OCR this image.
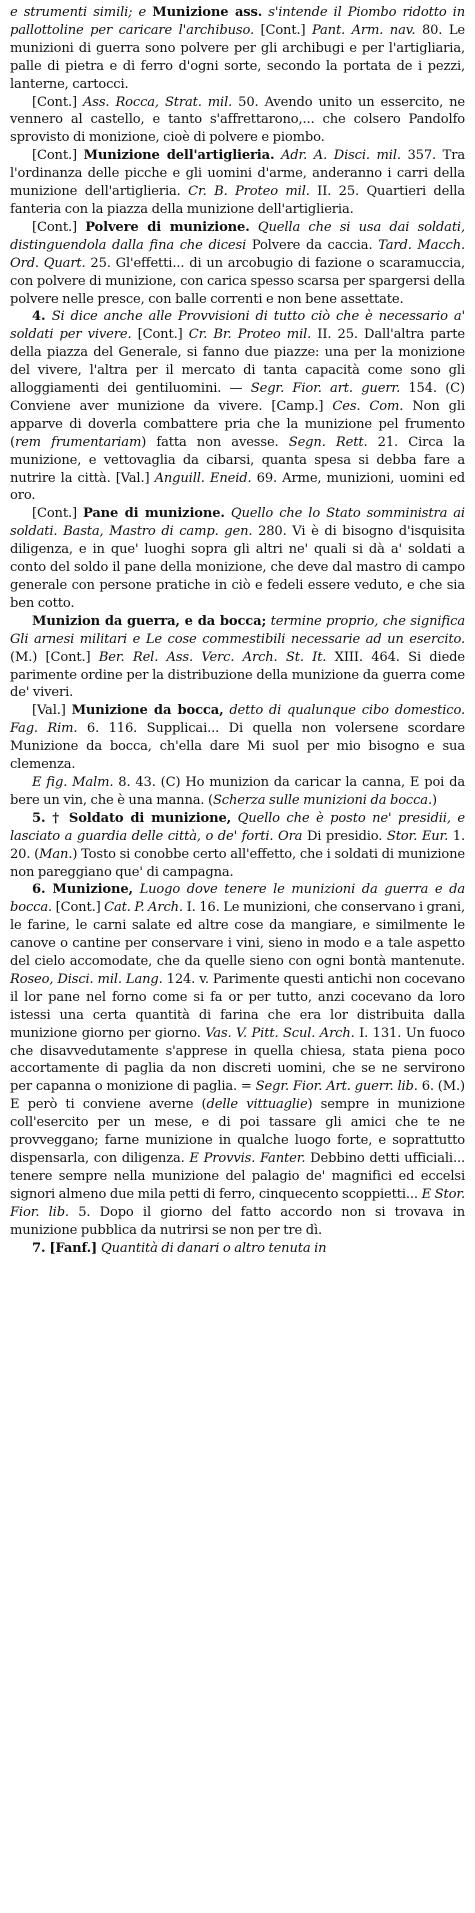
e strumenti simili; e Munizione ass. s'intende il Piombo ridotto in pallottoline per caricare l'archibuso. [Cont.] Pant. Arm. nav. 80. Le munizioni di guerra sono polvere per gli archibugi e per l'artigliaria, palle di pietra e di ferro d'ogni sorte, secondo la portata de i pezzi, lanterne, cartocci.

[Cont.] Ass. Rocca, Strat. mil. 50. Avendo unito un essercito, ne vennero al castello, e tanto s'affrettarono,... che colsero Pandolfo sprovisto di monizione, cioè di polvere e piombo.

[Cont.] Munizione dell'artiglieria. Adr. A. Disci. mil. 357. Tra l'ordinanza delle picche e gli uomini d'arme, anderanno i carri della munizione dell'artiglieria. Cr. B. Proteo mil. II. 25. Quartieri della fanteria con la piazza della munizione dell'artiglieria.

[Cont.] Polvere di munizione. Quella che si usa dai soldati, distinguendola dalla fina che dicesi Polvere da caccia. Tard. Macch. Ord. Quart. 25. Gl'effetti... di un arcobugio di fazione o scaramuccia, con polvere di munizione, con carica spesso scarsa per spargersi della polvere nelle presce, con balle correnti e non bene assettate.

4. Si dice anche alle Provvisioni di tutto ciò che è necessario a' soldati per vivere. [Cont.] Cr. Br. Proteo mil. II. 25. Dall'altra parte della piazza del Generale, si fanno due piazze: una per la monizione del vivere, l'altra per il mercato di tanta capacità come sono gli alloggiamenti dei gentiluomini. — Segr. Fior. art. guerr. 154. (C) Conviene aver munizione da vivere. [Camp.] Ces. Com. Non gli apparve di doverla combattere pria che la munizione pel frumento (rem frumentariam) fatta non avesse. Segn. Rett. 21. Circa la munizione, e vettovaglia da cibarsi, quanta spesa si debba fare a nutrire la città. [Val.] Anguill. Eneid. 69. Arme, munizioni, uomini ed oro.

[Cont.] Pane di munizione. Quello che lo Stato somministra ai soldati. Basta, Mastro di camp. gen. 280. Vi è di bisogno d'isquisita diligenza, e in que' luoghi sopra gli altri ne' quali si dà a' soldati a conto del soldo il pane della monizione, che deve dal mastro di campo generale con persone pratiche in ciò e fedeli essere veduto, e che sia ben cotto.

Munizion da guerra, e da bocca; termine proprio, che significa Gli arnesi militari e Le cose commestibili necessarie ad un esercito. (M.) [Cont.] Ber. Rel. Ass. Verc. Arch. St. It. XIII. 464. Si diede parimente ordine per la distribuzione della munizione da guerra come de' viveri.

[Val.] Munizione da bocca, detto di qualunque cibo domestico. Fag. Rim. 6. 116. Supplicai... Di quella non volersene scordare Munizione da bocca, ch'ella dare Mi suol per mio bisogno e sua clemenza.

E fig. Malm. 8. 43. (C) Ho munizion da caricar la canna, E poi da bere un vin, che è una manna. (Scherza sulle munizioni da bocca.)

5. † Soldato di munizione, Quello che è posto ne' presidii, e lasciato a guardia delle città, o de' forti. Ora Di presidio. Stor. Eur. 1. 20. (Man.) Tosto si conobbe certo all'effetto, che i soldati di munizione non pareggiano que' di campagna.

6. Munizione, Luogo dove tenere le munizioni da guerra e da bocca. [Cont.] Cat. P. Arch. I. 16. Le munizioni, che conservano i grani, le farine, le carni salate ed altre cose da mangiare, e similmente le canove o cantine per conservare i vini, sieno in modo e a tale aspetto del cielo accomodate, che da quelle sieno con ogni bontà mantenute. Roseo, Disci. mil. Lang. 124. v. Parimente questi antichi non cocevano il lor pane nel forno come si fa or per tutto, anzi cocevano da loro istessi una certa quantità di farina che era lor distribuita dalla munizione giorno per giorno. Vas. V. Pitt. Scul. Arch. I. 131. Un fuoco che disavvedutamente s'apprese in quella chiesa, stata piena poco accortamente di paglia da non discreti uomini, che se ne servirono per capanna o monizione di paglia. = Segr. Fior. Art. guerr. lib. 6. (M.) E però ti conviene averne (delle vittuaglie) sempre in munizione coll'esercito per un mese, e di poi tassare gli amici che te ne provveggano; farne munizione in qualche luogo forte, e soprattutto dispensarla, con diligenza. E Provvis. Fanter. Debbino detti ufficiali... tenere sempre nella munizione del palagio de' magnifici ed eccelsi signori almeno due mila petti di ferro, cinquecento scoppietti... E Stor. Fior. lib. 5. Dopo il giorno del fatto accordo non si trovava in munizione pubblica da nutrirsi se non per tre dì.

7. [Fanf.] Quantità di danari o altro tenuta in
